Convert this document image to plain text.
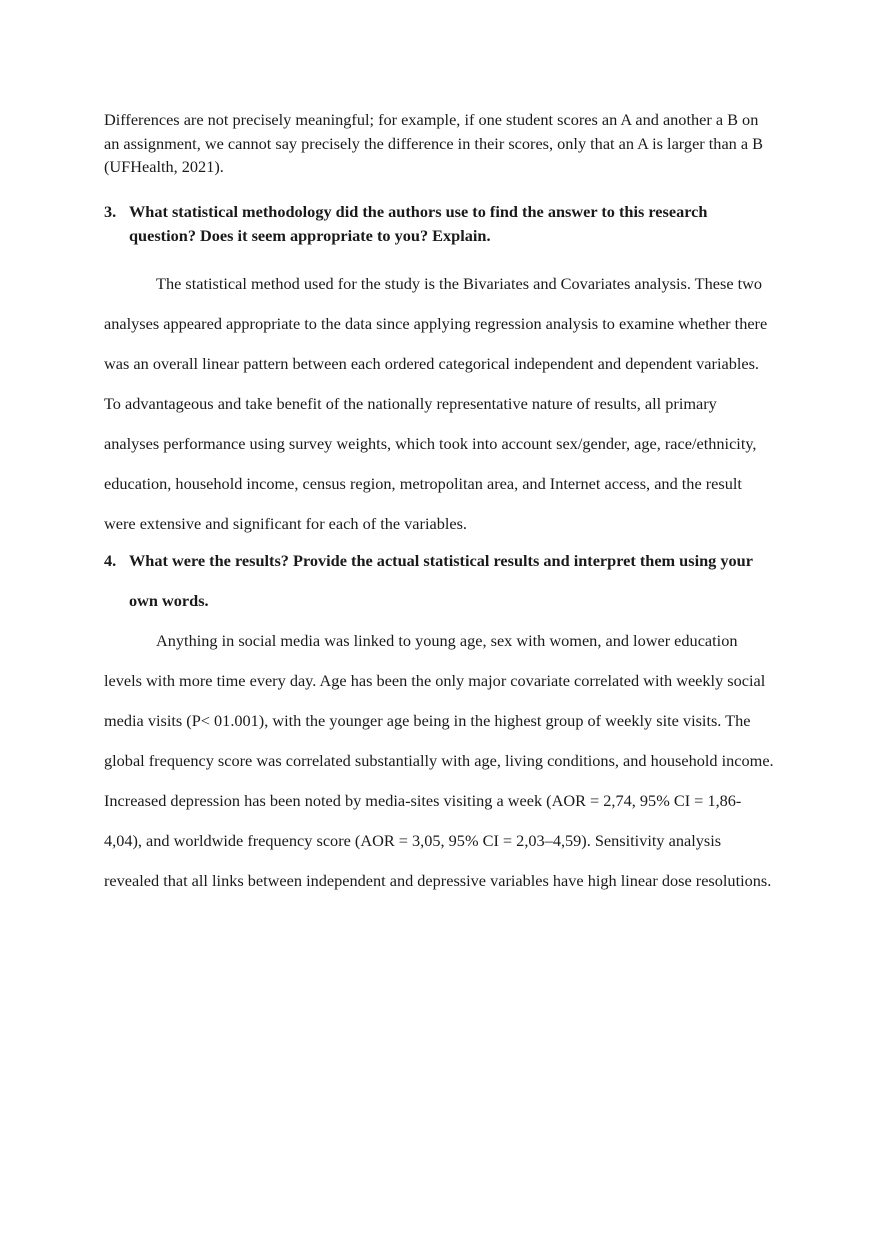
Differences are not precisely meaningful; for example, if one student scores an A and another a B on an assignment, we cannot say precisely the difference in their scores, only that an A is larger than a B (UFHealth, 2021).

3. What statistical methodology did the authors use to find the answer to this research question? Does it seem appropriate to you? Explain.

The statistical method used for the study is the Bivariates and Covariates analysis. These two analyses appeared appropriate to the data since applying regression analysis to examine whether there was an overall linear pattern between each ordered categorical independent and dependent variables. To advantageous and take benefit of the nationally representative nature of results, all primary analyses performance using survey weights, which took into account sex/gender, age, race/ethnicity, education, household income, census region, metropolitan area, and Internet access, and the result were extensive and significant for each of the variables.

4. What were the results? Provide the actual statistical results and interpret them using your own words.

Anything in social media was linked to young age, sex with women, and lower education levels with more time every day. Age has been the only major covariate correlated with weekly social media visits (P< 01.001), with the younger age being in the highest group of weekly site visits. The global frequency score was correlated substantially with age, living conditions, and household income. Increased depression has been noted by media-sites visiting a week (AOR = 2,74, 95% CI = 1,86-4,04), and worldwide frequency score (AOR = 3,05, 95% CI = 2,03–4,59). Sensitivity analysis revealed that all links between independent and depressive variables have high linear dose resolutions.
